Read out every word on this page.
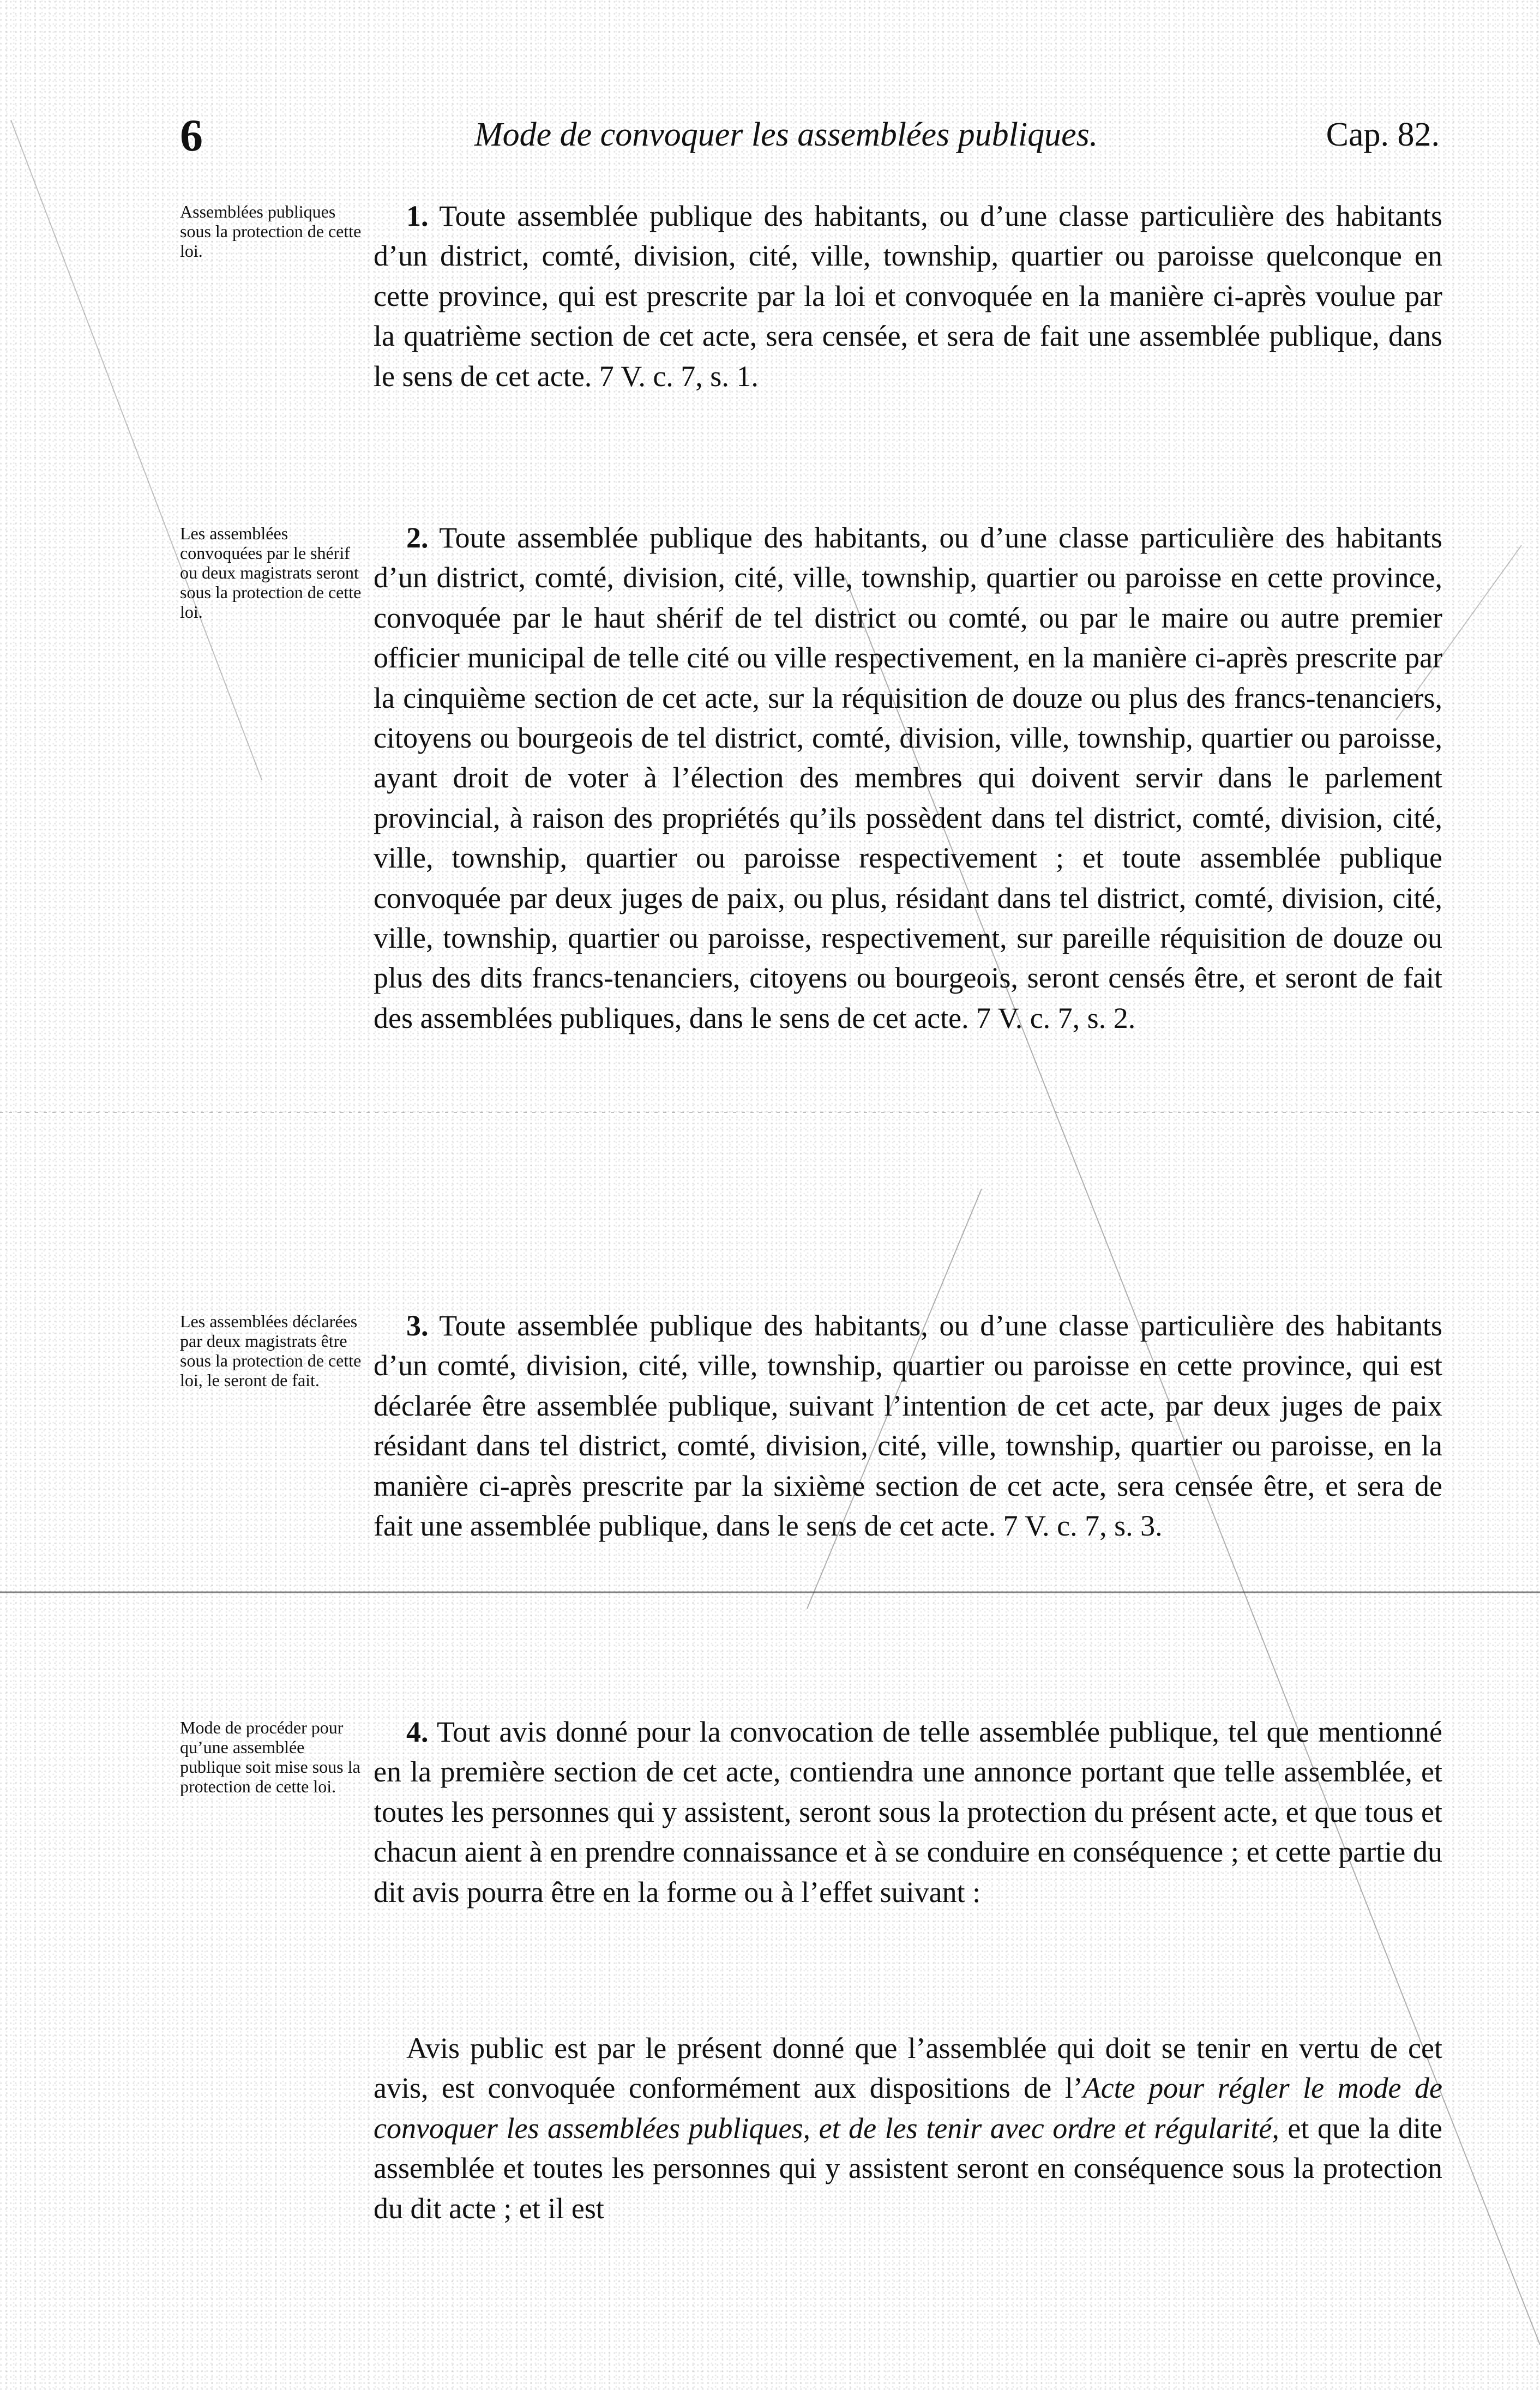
6	Mode de convoquer les assemblées publiques.	Cap. 82.
Assemblées publiques sous la protection de cette loi.
1. Toute assemblée publique des habitants, ou d’une classe particulière des habitants d’un district, comté, division, cité, ville, township, quartier ou paroisse quelconque en cette province, qui est prescrite par la loi et convoquée en la manière ci-après voulue par la quatrième section de cet acte, sera censée, et sera de fait une assemblée publique, dans le sens de cet acte. 7 V. c. 7, s. 1.
Les assemblées convoquées par le shérif ou deux magistrats seront sous la protection de cette loi.
2. Toute assemblée publique des habitants, ou d’une classe particulière des habitants d’un district, comté, division, cité, ville, township, quartier ou paroisse en cette province, convoquée par le haut shérif de tel district ou comté, ou par le maire ou autre premier officier municipal de telle cité ou ville respectivement, en la manière ci-après prescrite par la cinquième section de cet acte, sur la réquisition de douze ou plus des francs-tenanciers, citoyens ou bourgeois de tel district, comté, division, ville, township, quartier ou paroisse, ayant droit de voter à l’élection des membres qui doivent servir dans le parlement provincial, à raison des propriétés qu’ils possèdent dans tel district, comté, division, cité, ville, township, quartier ou paroisse respectivement ; et toute assemblée publique convoquée par deux juges de paix, ou plus, résidant dans tel district, comté, division, cité, ville, township, quartier ou paroisse, respectivement, sur pareille réquisition de douze ou plus des dits francs-tenanciers, citoyens ou bourgeois, seront censés être, et seront de fait des assemblées publiques, dans le sens de cet acte. 7 V. c. 7, s. 2.
Les assemblées déclarées par deux magistrats être sous la protection de cette loi, le seront de fait.
3. Toute assemblée publique des habitants, ou d’une classe particulière des habitants d’un comté, division, cité, ville, township, quartier ou paroisse en cette province, qui est déclarée être assemblée publique, suivant l’intention de cet acte, par deux juges de paix résidant dans tel district, comté, division, cité, ville, township, quartier ou paroisse, en la manière ci-après prescrite par la sixième section de cet acte, sera censée être, et sera de fait une assemblée publique, dans le sens de cet acte. 7 V. c. 7, s. 3.
Mode de procéder pour qu’une assemblée publique soit mise sous la protection de cette loi.
4. Tout avis donné pour la convocation de telle assemblée publique, tel que mentionné en la première section de cet acte, contiendra une annonce portant que telle assemblée, et toutes les personnes qui y assistent, seront sous la protection du présent acte, et que tous et chacun aient à en prendre connaissance et à se conduire en conséquence ; et cette partie du dit avis pourra être en la forme ou à l’effet suivant :
Avis public est par le présent donné que l’assemblée qui doit se tenir en vertu de cet avis, est convoquée conformément aux dispositions de l’Acte pour régler le mode de convoquer les assemblées publiques, et de les tenir avec ordre et régularité, et que la dite assemblée et toutes les personnes qui y assistent seront en conséquence sous la protection du dit acte ; et il est
